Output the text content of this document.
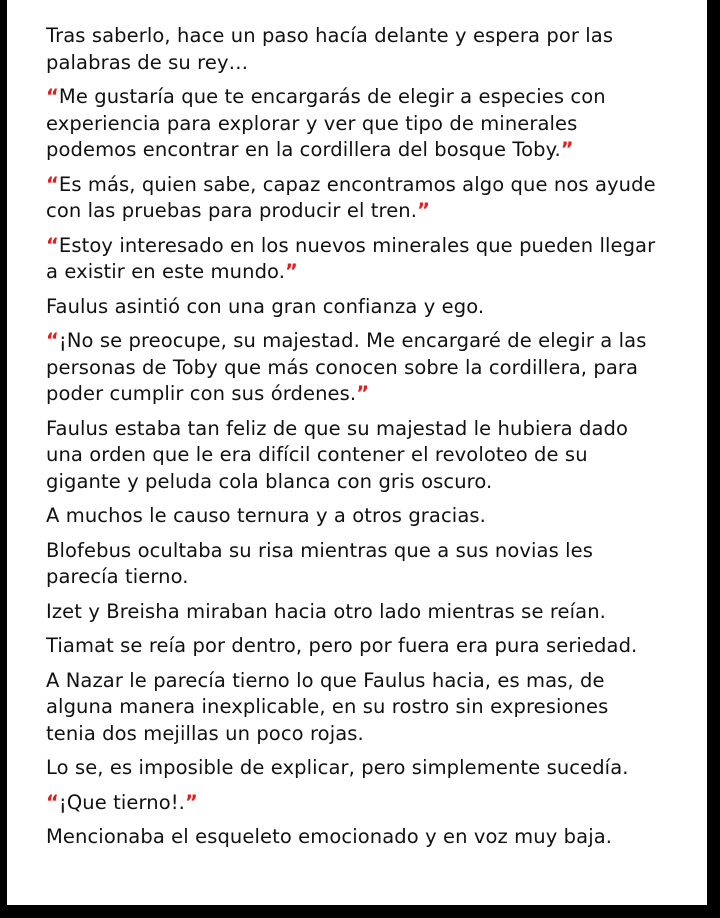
Tras saberlo, hace un paso hacía delante y espera por las
palabras de su rey…

“Me gustaría que te encargarás de elegir a especies con
experiencia para explorar y ver que tipo de minerales
podemos encontrar en la cordillera del bosque Toby.”

“Es más, quien sabe, capaz encontramos algo que nos ayude
con las pruebas para producir el tren.”

“Estoy interesado en los nuevos minerales que pueden llegar
a existir en este mundo.”

Faulus asintió con una gran confianza y ego.

“¡No se preocupe, su majestad. Me encargaré de elegir a las
personas de Toby que más conocen sobre la cordillera, para
poder cumplir con sus órdenes.”

Faulus estaba tan feliz de que su majestad le hubiera dado
una orden que le era difícil contener el revoloteo de su
gigante y peluda cola blanca con gris oscuro.

A muchos le causo ternura y a otros gracias.

Blofebus ocultaba su risa mientras que a sus novias les
parecía tierno.

Izet y Breisha miraban hacia otro lado mientras se reían.

Tiamat se reía por dentro, pero por fuera era pura seriedad.

A Nazar le parecía tierno lo que Faulus hacia, es mas, de
alguna manera inexplicable, en su rostro sin expresiones
tenia dos mejillas un poco rojas.

Lo se, es imposible de explicar, pero simplemente sucedía.

“¡Que tierno!.”

Mencionaba el esqueleto emocionado y en voz muy baja.
